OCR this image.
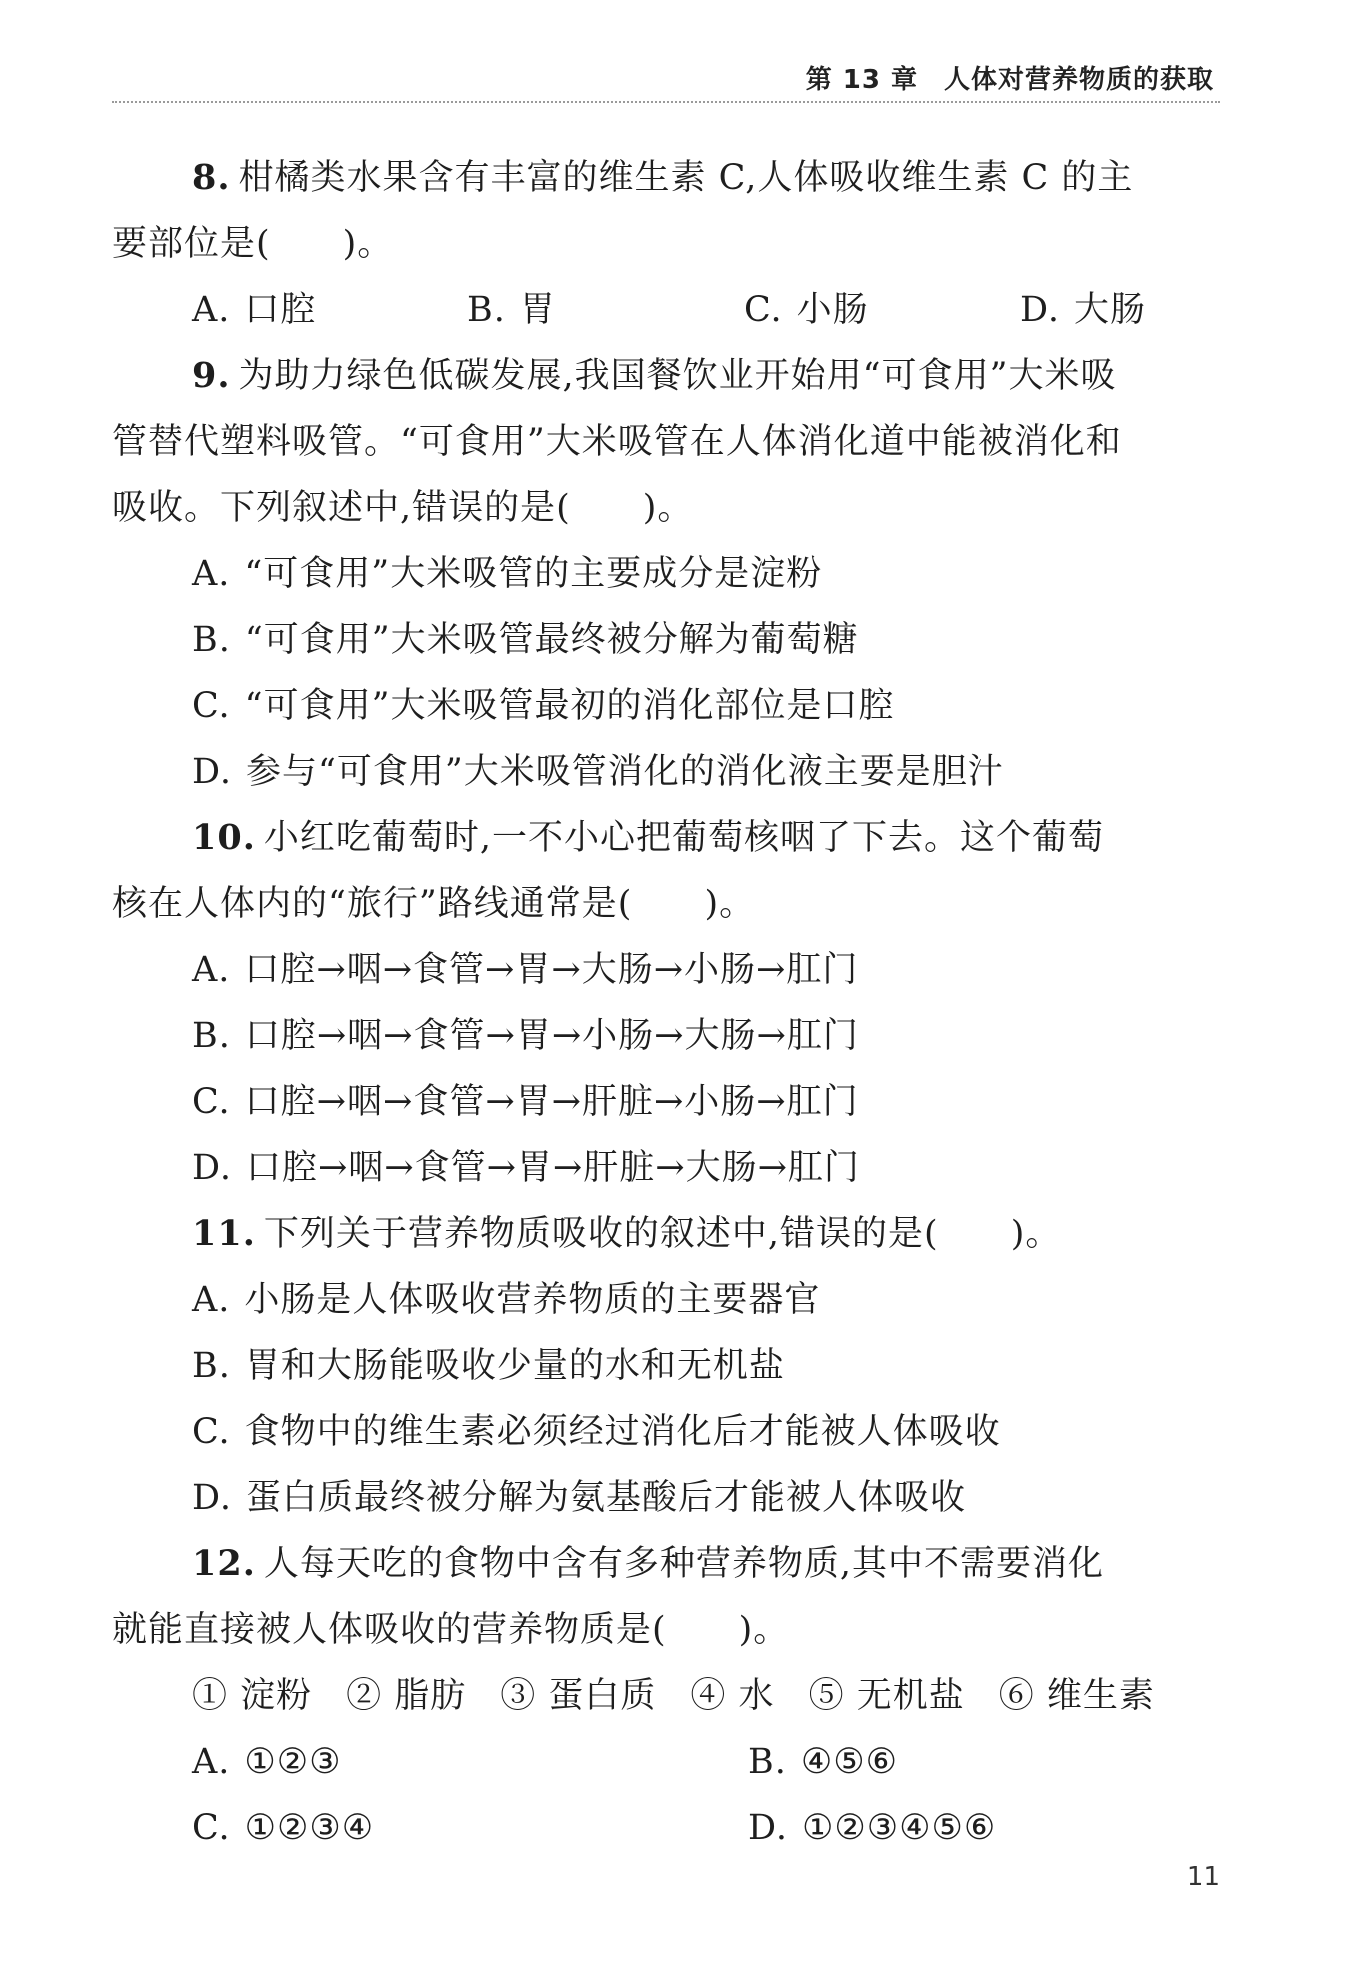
第 13 章 人体对营养物质的获取
8. 柑橘类水果含有丰富的维生素 C,人体吸收维生素 C 的主
要部位是(　　)。
A. 口腔	B. 胃	C. 小肠	D. 大肠
9. 为助力绿色低碳发展,我国餐饮业开始用“可食用”大米吸
管替代塑料吸管。“可食用”大米吸管在人体消化道中能被消化和
吸收。下列叙述中,错误的是(　　)。
A. “可食用”大米吸管的主要成分是淀粉
B. “可食用”大米吸管最终被分解为葡萄糖
C. “可食用”大米吸管最初的消化部位是口腔
D. 参与“可食用”大米吸管消化的消化液主要是胆汁
10. 小红吃葡萄时,一不小心把葡萄核咽了下去。这个葡萄
核在人体内的“旅行”路线通常是(　　)。
A. 口腔→咽→食管→胃→大肠→小肠→肛门
B. 口腔→咽→食管→胃→小肠→大肠→肛门
C. 口腔→咽→食管→胃→肝脏→小肠→肛门
D. 口腔→咽→食管→胃→肝脏→大肠→肛门
11. 下列关于营养物质吸收的叙述中,错误的是(　　)。
A. 小肠是人体吸收营养物质的主要器官
B. 胃和大肠能吸收少量的水和无机盐
C. 食物中的维生素必须经过消化后才能被人体吸收
D. 蛋白质最终被分解为氨基酸后才能被人体吸收
12. 人每天吃的食物中含有多种营养物质,其中不需要消化
就能直接被人体吸收的营养物质是(　　)。
① 淀粉 ② 脂肪 ③ 蛋白质 ④ 水 ⑤ 无机盐 ⑥ 维生素
A. ①②③	B. ④⑤⑥
C. ①②③④	D. ①②③④⑤⑥
11
